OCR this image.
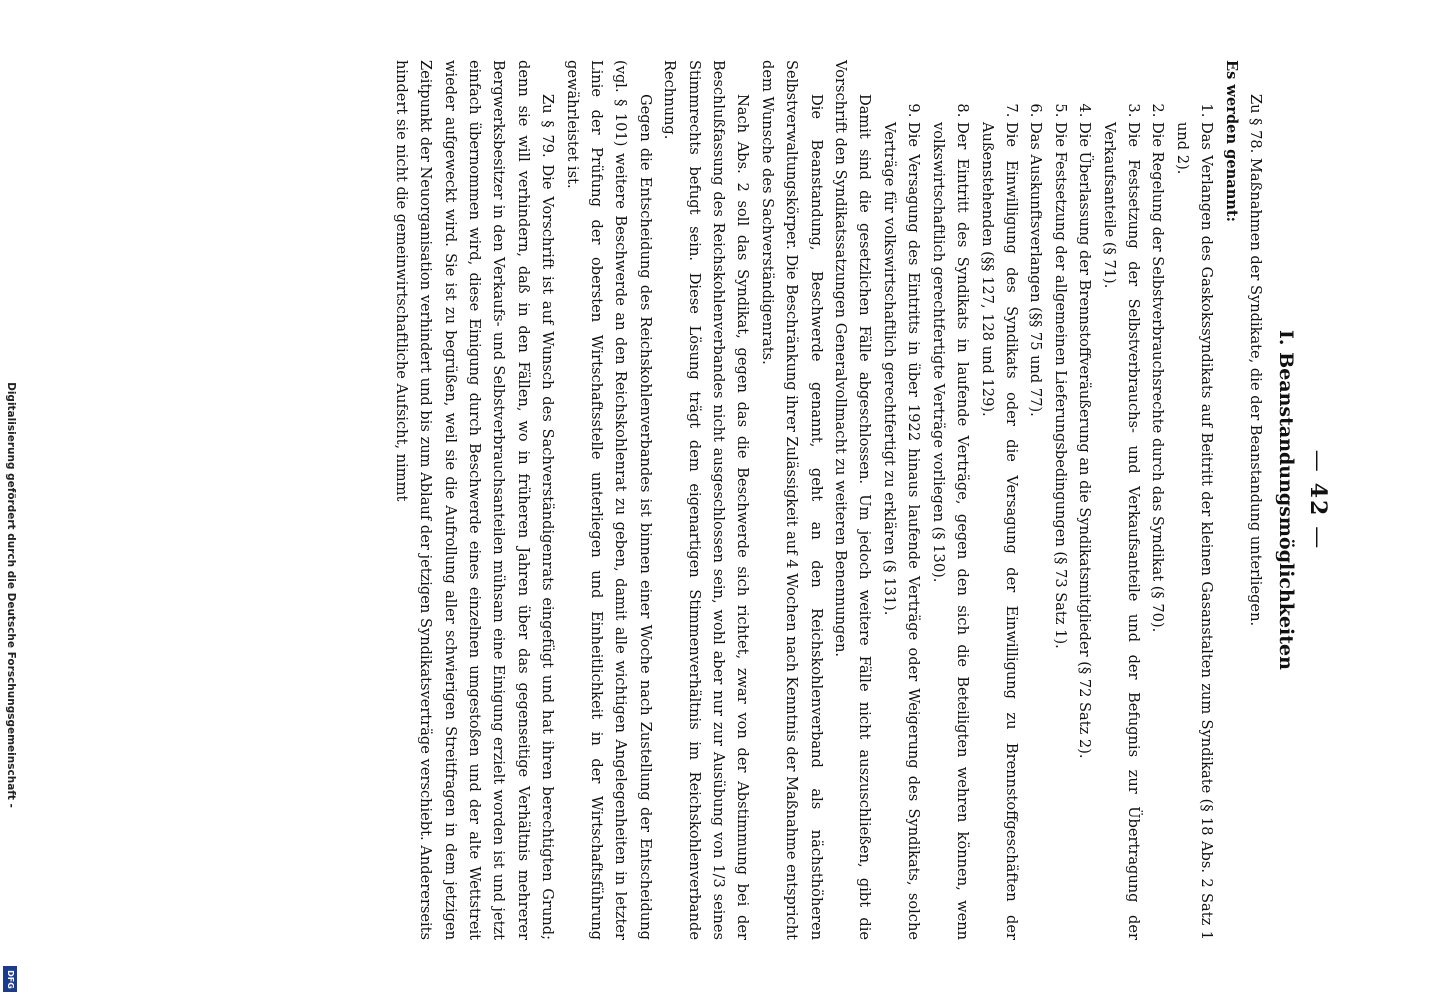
Digitalisierung gefördert durch die Deutsche Forschungsgemeinschaft -
DFG
— 42 —
I. Beanstandungsmöglichkeiten

Zu § 78. Maßnahmen der Syndikate, die der Beanstandung unterliegen.

Es werden genannt:

1. Das Verlangen des Gaskokssyndikats auf Beitritt der kleinen Gasanstalten zum Syndikate (§ 18 Abs. 2 Satz 1 und 2).
2. Die Regelung der Selbstverbrauchsrechte durch das Syndikat (§ 70).
3. Die Festsetzung der Selbstverbrauchs- und Verkaufsanteile und der Befugnis zur Übertragung der Verkaufsanteile (§ 71).
4. Die Überlassung der Brennstoffveräußerung an die Syndikatsmitglieder (§ 72 Satz 2).
5. Die Festsetzung der allgemeinen Lieferungsbedingungen (§ 73 Satz 1).
6. Das Auskunftsverlangen (§§ 75 und 77).
7. Die Einwilligung des Syndikats oder die Versagung der Einwilligung zu Brennstoffgeschäften der Außenstehenden (§§ 127, 128 und 129).
8. Der Eintritt des Syndikats in laufende Verträge, gegen den sich die Beteiligten wehren können, wenn volkswirtschaftlich gerechtfertigte Verträge vorliegen (§ 130).
9. Die Versagung des Eintritts in über 1922 hinaus laufende Verträge oder Weigerung des Syndikats, solche Verträge für volkswirtschaftlich gerechtfertigt zu erklären (§ 131).

Damit sind die gesetzlichen Fälle abgeschlossen. Um jedoch weitere Fälle nicht auszuschließen, gibt die Vorschrift den Syndikatssatzungen Generalvollmacht zu weiteren Benennungen.

Die Beanstandung, Beschwerde genannt, geht an den Reichskohlenverband als nächsthöheren Selbstverwaltungskörper. Die Beschränkung ihrer Zulässigkeit auf 4 Wochen nach Kenntnis der Maßnahme entspricht dem Wunsche des Sachverständigenrats.

Nach Abs. 2 soll das Syndikat, gegen das die Beschwerde sich richtet, zwar von der Abstimmung bei der Beschlußfassung des Reichskohlenverbandes nicht ausgeschlossen sein, wohl aber nur zur Ausübung von 1/3 seines Stimmrechts befugt sein. Diese Lösung trägt dem eigenartigen Stimmenverhältnis im Reichskohlenverbande Rechnung.

Gegen die Entscheidung des Reichskohlenverbandes ist binnen einer Woche nach Zustellung der Entscheidung (vgl. § 101) weitere Beschwerde an den Reichskohlenrat zu geben, damit alle wichtigen Angelegenheiten in letzter Linie der Prüfung der obersten Wirtschaftsstelle unterliegen und Einheitlichkeit in der Wirtschaftsführung gewährleistet ist.

Zu § 79. Die Vorschrift ist auf Wunsch des Sachverständigenrats eingefügt und hat ihren berechtigten Grund; denn sie will verhindern, daß in den Fällen, wo in früheren Jahren über das gegenseitige Verhältnis mehrerer Bergwerksbesitzer in den Verkaufs- und Selbstverbrauchsanteilen mühsam eine Einigung erzielt worden ist und jetzt einfach übernommen wird, diese Einigung durch Beschwerde eines einzelnen umgestoßen und der alte Wettstreit wieder aufgeweckt wird. Sie ist zu begrüßen, weil sie die Aufrollung aller schwierigen Streitfragen in dem jetzigen Zeitpunkt der Neuorganisation verhindert und bis zum Ablauf der jetzigen Syndikatsverträge verschiebt. Andererseits hindert sie nicht die gemeinwirtschaftliche Aufsicht, nimmt
